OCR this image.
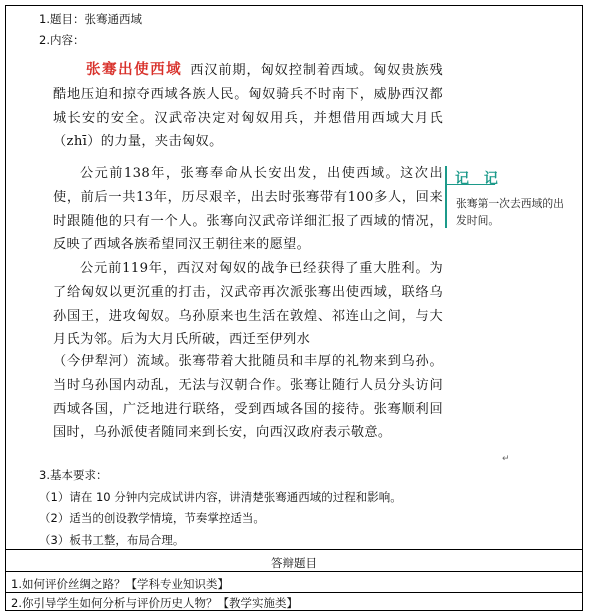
1.题目：张骞通西域
2.内容：
张骞出使西域 西汉前期，匈奴控制着西域。匈奴贵族残酷地压迫和掠夺西域各族人民。匈奴骑兵不时南下，威胁西汉都城长安的安全。汉武帝决定对匈奴用兵，并想借用西域大月氏（zhī）的力量，夹击匈奴。
公元前138年，张骞奉命从长安出发，出使西域。这次出使，前后一共13年，历尽艰辛，出去时张骞带有100多人，回来时跟随他的只有一个人。张骞向汉武帝详细汇报了西域的情况，反映了西域各族希望同汉王朝往来的愿望。
公元前119年，西汉对匈奴的战争已经获得了重大胜利。为了给匈奴以更沉重的打击，汉武帝再次派张骞出使西域，联络乌孙国王，进攻匈奴。乌孙原来也生活在敦煌、祁连山之间，与大月氏为邻。后为大月氏所破，西迁至伊列水
（今伊犁河）流域。张骞带着大批随员和丰厚的礼物来到乌孙。当时乌孙国内动乱，无法与汉朝合作。张骞让随行人员分头访问西域各国，广泛地进行联络，受到西域各国的接待。张骞顺利回国时，乌孙派使者随同来到长安，向西汉政府表示敬意。
记 记
张骞第一次去西域的出发时间。
↵
3.基本要求：
（1）请在 10 分钟内完成试讲内容，讲清楚张骞通西域的过程和影响。
（2）适当的创设教学情境，节奏掌控适当。
（3）板书工整，布局合理。
答辩题目
1.如何评价丝绸之路？【学科专业知识类】
2.你引导学生如何分析与评价历史人物？【教学实施类】
